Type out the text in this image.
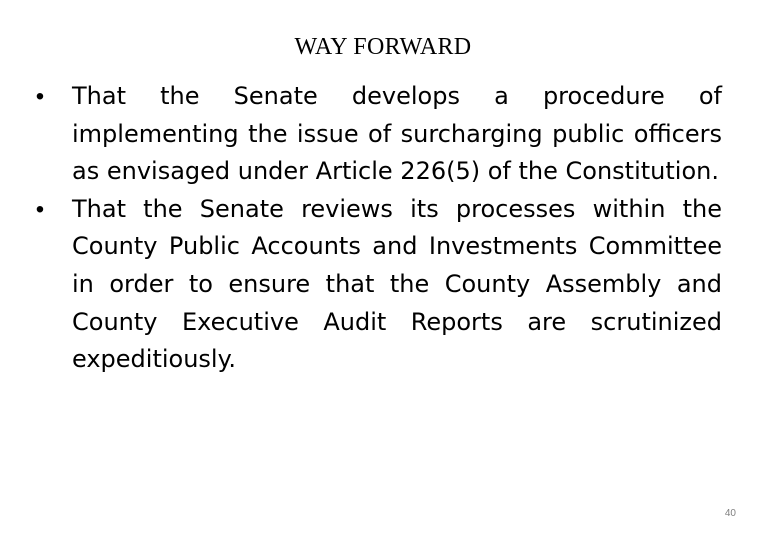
WAY FORWARD
• That the Senate develops a procedure of implementing the issue of surcharging public officers as envisaged under Article 226(5) of the Constitution.
• That the Senate reviews its processes within the County Public Accounts and Investments Committee in order to ensure that the County Assembly and County Executive Audit Reports are scrutinized expeditiously.
40
